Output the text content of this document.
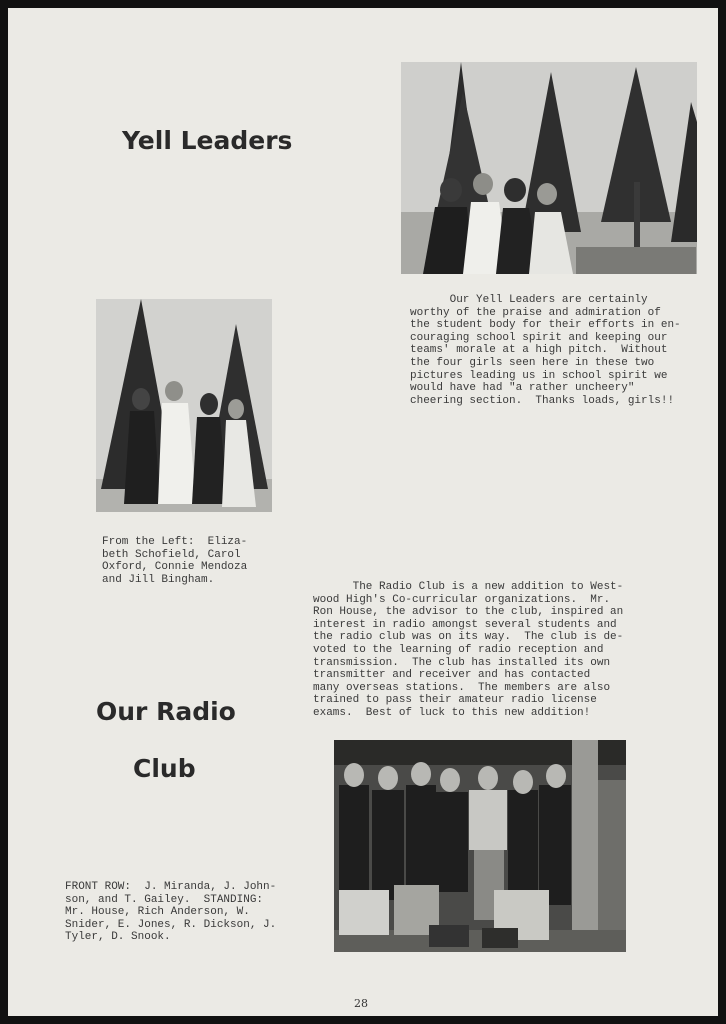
Yell Leaders

Our Yell Leaders are certainly
worthy of the praise and admiration of
the student body for their efforts in en-
couraging school spirit and keeping our
teams' morale at a high pitch.  Without
the four girls seen here in these two
pictures leading us in school spirit we
would have had "a rather uncheery"
cheering section.  Thanks loads, girls!!

From the Left:  Eliza-
beth Schofield, Carol
Oxford, Connie Mendoza
and Jill Bingham.

The Radio Club is a new addition to West-
wood High's Co-curricular organizations.  Mr.
Ron House, the advisor to the club, inspired an
interest in radio amongst several students and
the radio club was on its way.  The club is de-
voted to the learning of radio reception and
transmission.  The club has installed its own
transmitter and receiver and has contacted
many overseas stations.  The members are also
trained to pass their amateur radio license
exams.  Best of luck to this new addition!

Our Radio
Club

FRONT ROW:  J. Miranda, J. John-
son, and T. Gailey.  STANDING:
Mr. House, Rich Anderson, W.
Snider, E. Jones, R. Dickson, J.
Tyler, D. Snook.

28
